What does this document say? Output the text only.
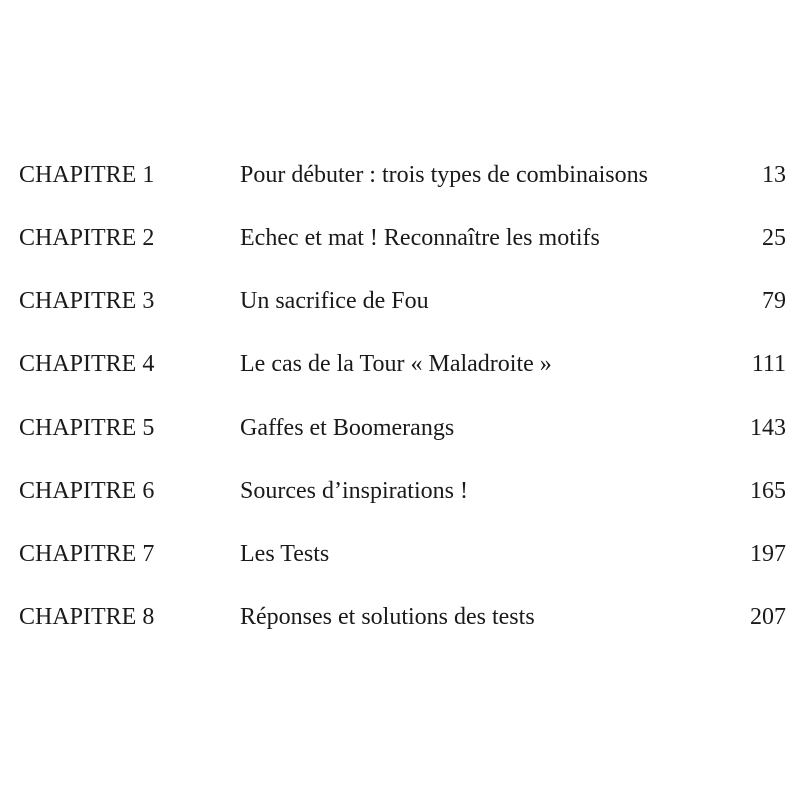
CHAPITRE 1	Pour débuter : trois types de combinaisons	13
CHAPITRE 2	Echec et mat ! Reconnaître les motifs	25
CHAPITRE 3	Un sacrifice de Fou	79
CHAPITRE 4	Le cas de la Tour « Maladroite »	111
CHAPITRE 5	Gaffes et Boomerangs	143
CHAPITRE 6	Sources d’inspirations !	165
CHAPITRE 7	Les Tests	197
CHAPITRE 8	Réponses et solutions des tests	207
